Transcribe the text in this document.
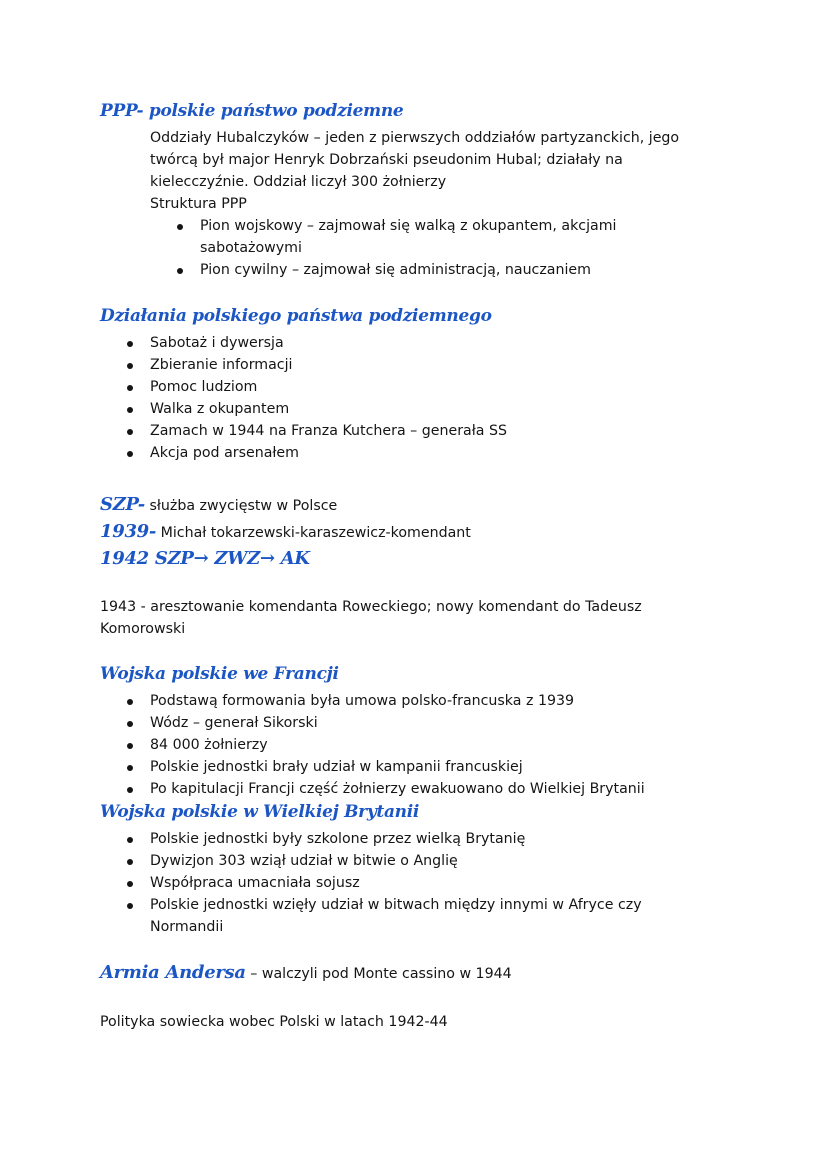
PPP- polskie państwo podziemne
Oddziały Hubalczyków – jeden z pierwszych oddziałów partyzanckich, jego
twórcą był major Henryk Dobrzański pseudonim Hubal; działały na
kielecczyźnie. Oddział liczył 300 żołnierzy
Struktura PPP
Pion wojskowy – zajmował się walką z okupantem, akcjami
sabotażowymi
Pion cywilny – zajmował się administracją, nauczaniem
Działania polskiego państwa podziemnego
Sabotaż i dywersja
Zbieranie informacji
Pomoc ludziom
Walka z okupantem
Zamach w 1944 na Franza Kutchera – generała SS
Akcja pod arsenałem
SZP- służba zwycięstw w Polsce
1939- Michał tokarzewski-karaszewicz-komendant
1942 SZP→ ZWZ→ AK
1943 - aresztowanie komendanta Roweckiego; nowy komendant do Tadeusz
Komorowski
Wojska polskie we Francji
Podstawą formowania była umowa polsko-francuska z 1939
Wódz – generał Sikorski
84 000 żołnierzy
Polskie jednostki brały udział w kampanii francuskiej
Po kapitulacji Francji część żołnierzy ewakuowano do Wielkiej Brytanii
Wojska polskie w Wielkiej Brytanii
Polskie jednostki były szkolone przez wielką Brytanię
Dywizjon 303 wziął udział w bitwie o Anglię
Współpraca umacniała sojusz
Polskie jednostki wzięły udział w bitwach między innymi w Afryce czy
Normandii
Armia Andersa – walczyli pod Monte cassino w 1944
Polityka sowiecka wobec Polski w latach 1942-44
